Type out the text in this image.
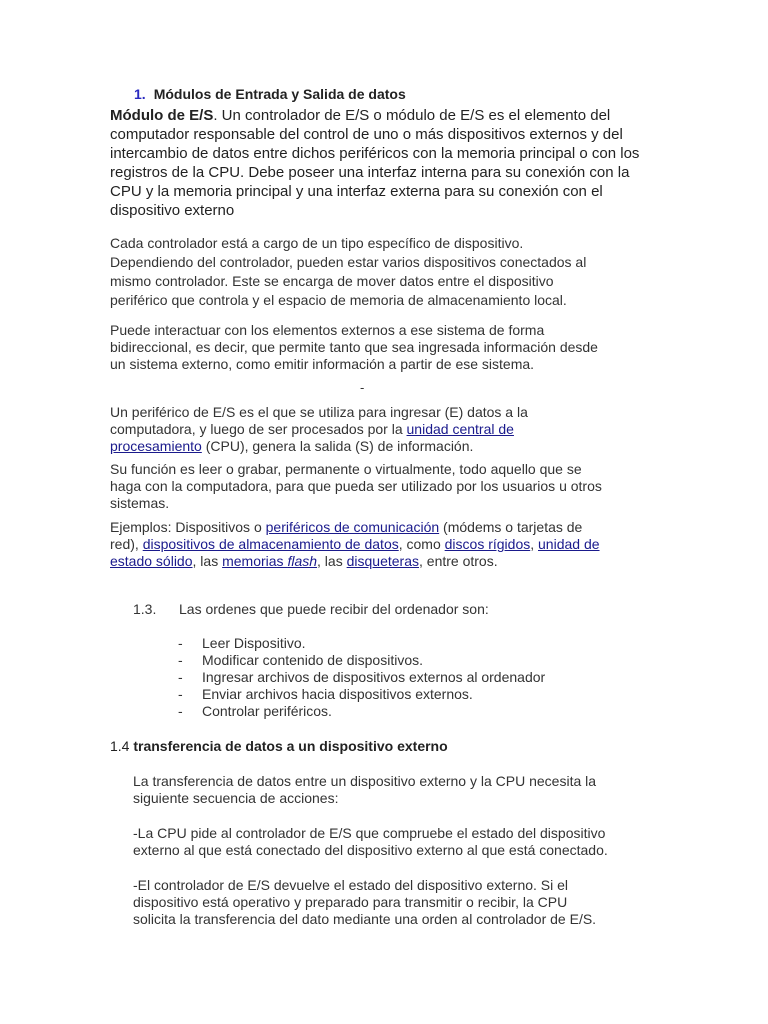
1. Módulos de Entrada y Salida de datos
Módulo de E/S. Un controlador de E/S o módulo de E/S es el elemento del
computador responsable del control de uno o más dispositivos externos y del
intercambio de datos entre dichos periféricos con la memoria principal o con los
registros de la CPU. Debe poseer una interfaz interna para su conexión con la
CPU y la memoria principal y una interfaz externa para su conexión con el
dispositivo externo
Cada controlador está a cargo de un tipo específico de dispositivo.
Dependiendo del controlador, pueden estar varios dispositivos conectados al
mismo controlador. Este se encarga de mover datos entre el dispositivo
periférico que controla y el espacio de memoria de almacenamiento local.
Puede interactuar con los elementos externos a ese sistema de forma
bidireccional, es decir, que permite tanto que sea ingresada información desde
un sistema externo, como emitir información a partir de ese sistema.
-
Un periférico de E/S es el que se utiliza para ingresar (E) datos a la
computadora, y luego de ser procesados por la unidad central de
procesamiento (CPU), genera la salida (S) de información.
Su función es leer o grabar, permanente o virtualmente, todo aquello que se
haga con la computadora, para que pueda ser utilizado por los usuarios u otros
sistemas.
Ejemplos: Dispositivos o periféricos de comunicación (módems o tarjetas de
red), dispositivos de almacenamiento de datos, como discos rígidos, unidad de
estado sólido, las memorias flash, las disqueteras, entre otros.
1.3. Las ordenes que puede recibir del ordenador son:
- Leer Dispositivo.
- Modificar contenido de dispositivos.
- Ingresar archivos de dispositivos externos al ordenador
- Enviar archivos hacia dispositivos externos.
- Controlar periféricos.
1.4 transferencia de datos a un dispositivo externo
La transferencia de datos entre un dispositivo externo y la CPU necesita la
siguiente secuencia de acciones:
-La CPU pide al controlador de E/S que compruebe el estado del dispositivo
externo al que está conectado del dispositivo externo al que está conectado.
-El controlador de E/S devuelve el estado del dispositivo externo. Si el
dispositivo está operativo y preparado para transmitir o recibir, la CPU
solicita la transferencia del dato mediante una orden al controlador de E/S.
